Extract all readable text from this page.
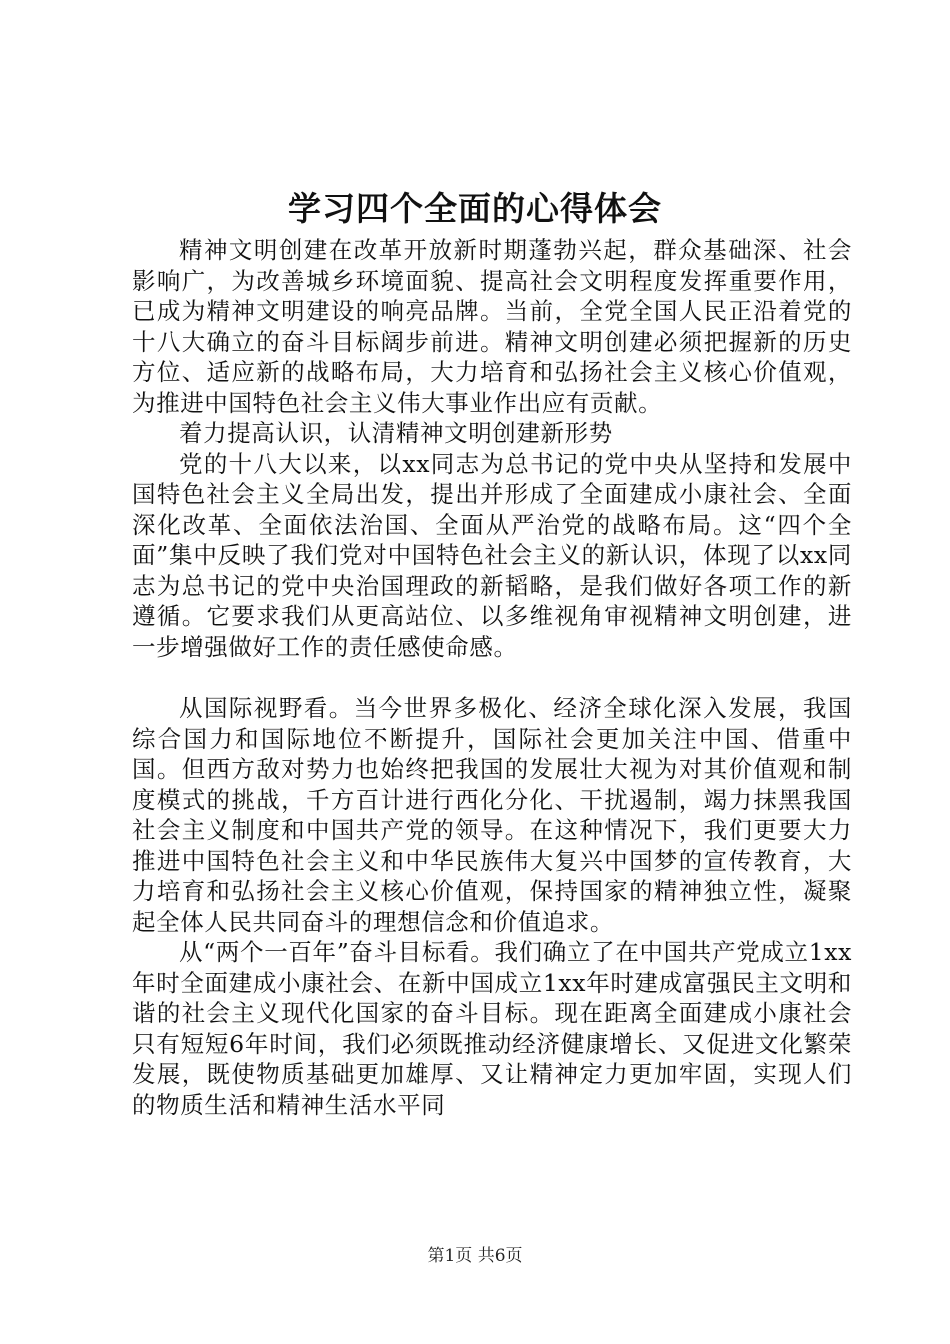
学习四个全面的心得体会

精神文明创建在改革开放新时期蓬勃兴起，群众基础深、社会影响广，为改善城乡环境面貌、提高社会文明程度发挥重要作用，已成为精神文明建设的响亮品牌。当前，全党全国人民正沿着党的十八大确立的奋斗目标阔步前进。精神文明创建必须把握新的历史方位、适应新的战略布局，大力培育和弘扬社会主义核心价值观，为推进中国特色社会主义伟大事业作出应有贡献。

着力提高认识，认清精神文明创建新形势

党的十八大以来，以xx同志为总书记的党中央从坚持和发展中国特色社会主义全局出发，提出并形成了全面建成小康社会、全面深化改革、全面依法治国、全面从严治党的战略布局。这“四个全面”集中反映了我们党对中国特色社会主义的新认识，体现了以xx同志为总书记的党中央治国理政的新韬略，是我们做好各项工作的新遵循。它要求我们从更高站位、以多维视角审视精神文明创建，进一步增强做好工作的责任感使命感。

从国际视野看。当今世界多极化、经济全球化深入发展，我国综合国力和国际地位不断提升，国际社会更加关注中国、借重中国。但西方敌对势力也始终把我国的发展壮大视为对其价值观和制度模式的挑战，千方百计进行西化分化、干扰遏制，竭力抹黑我国社会主义制度和中国共产党的领导。在这种情况下，我们更要大力推进中国特色社会主义和中华民族伟大复兴中国梦的宣传教育，大力培育和弘扬社会主义核心价值观，保持国家的精神独立性，凝聚起全体人民共同奋斗的理想信念和价值追求。

从“两个一百年”奋斗目标看。我们确立了在中国共产党成立1xx年时全面建成小康社会、在新中国成立1xx年时建成富强民主文明和谐的社会主义现代化国家的奋斗目标。现在距离全面建成小康社会只有短短6年时间，我们必须既推动经济健康增长、又促进文化繁荣发展，既使物质基础更加雄厚、又让精神定力更加牢固，实现人们的物质生活和精神生活水平同

第1页 共6页
